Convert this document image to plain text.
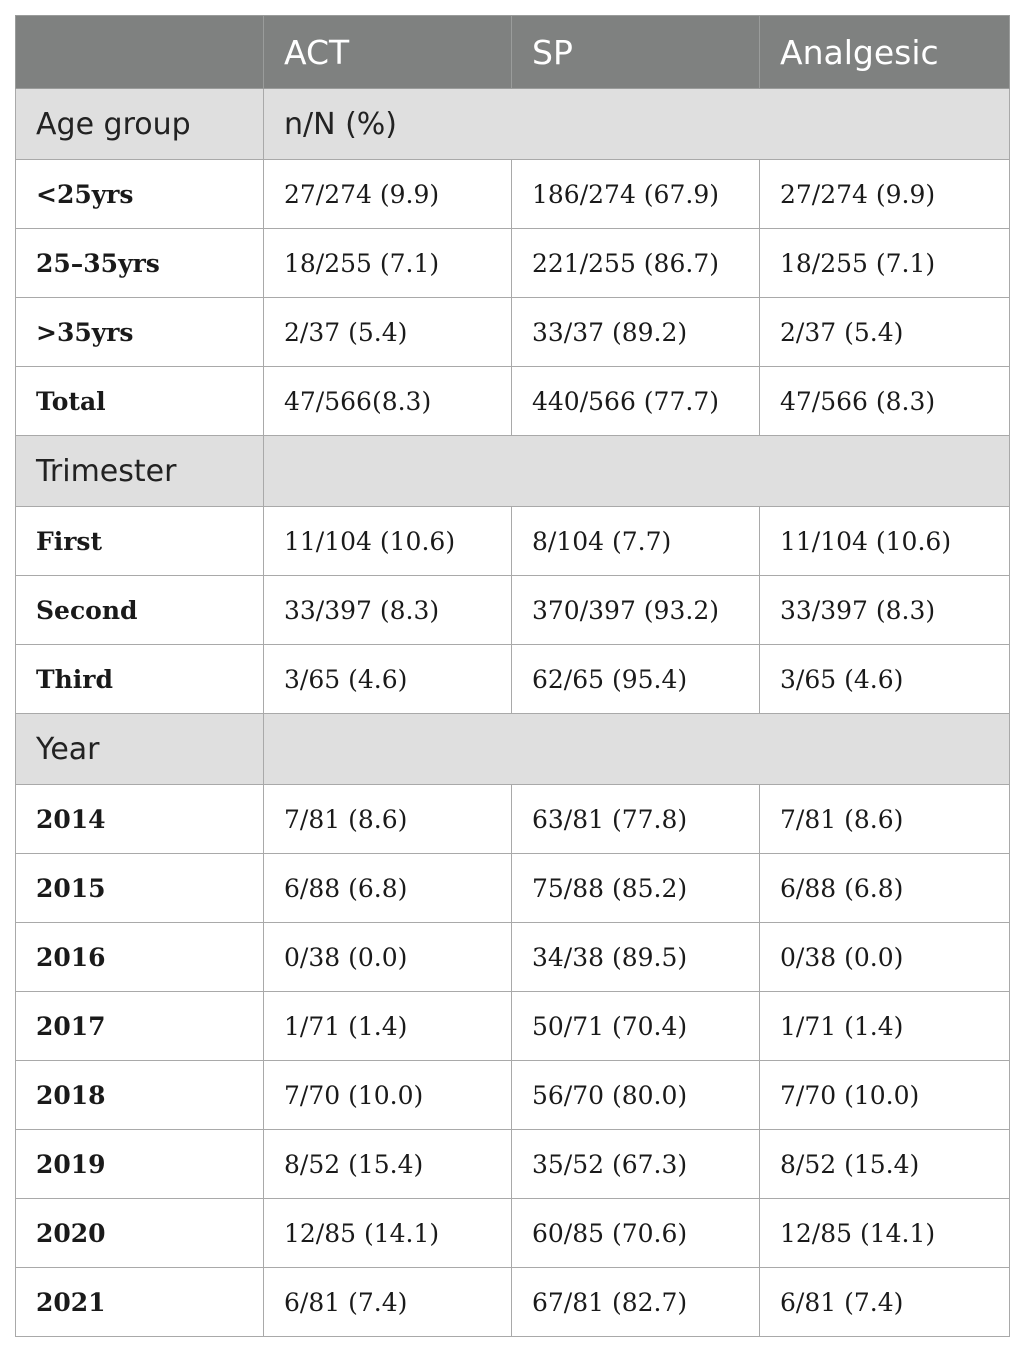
	ACT	SP	Analgesic
Age group	n/N (%)		
<25yrs	27/274 (9.9)	186/274 (67.9)	27/274 (9.9)
25–35yrs	18/255 (7.1)	221/255 (86.7)	18/255 (7.1)
>35yrs	2/37 (5.4)	33/37 (89.2)	2/37 (5.4)
Total	47/566(8.3)	440/566 (77.7)	47/566 (8.3)
Trimester			
First	11/104 (10.6)	8/104 (7.7)	11/104 (10.6)
Second	33/397 (8.3)	370/397 (93.2)	33/397 (8.3)
Third	3/65 (4.6)	62/65 (95.4)	3/65 (4.6)
Year			
2014	7/81 (8.6)	63/81 (77.8)	7/81 (8.6)
2015	6/88 (6.8)	75/88 (85.2)	6/88 (6.8)
2016	0/38 (0.0)	34/38 (89.5)	0/38 (0.0)
2017	1/71 (1.4)	50/71 (70.4)	1/71 (1.4)
2018	7/70 (10.0)	56/70 (80.0)	7/70 (10.0)
2019	8/52 (15.4)	35/52 (67.3)	8/52 (15.4)
2020	12/85 (14.1)	60/85 (70.6)	12/85 (14.1)
2021	6/81 (7.4)	67/81 (82.7)	6/81 (7.4)
